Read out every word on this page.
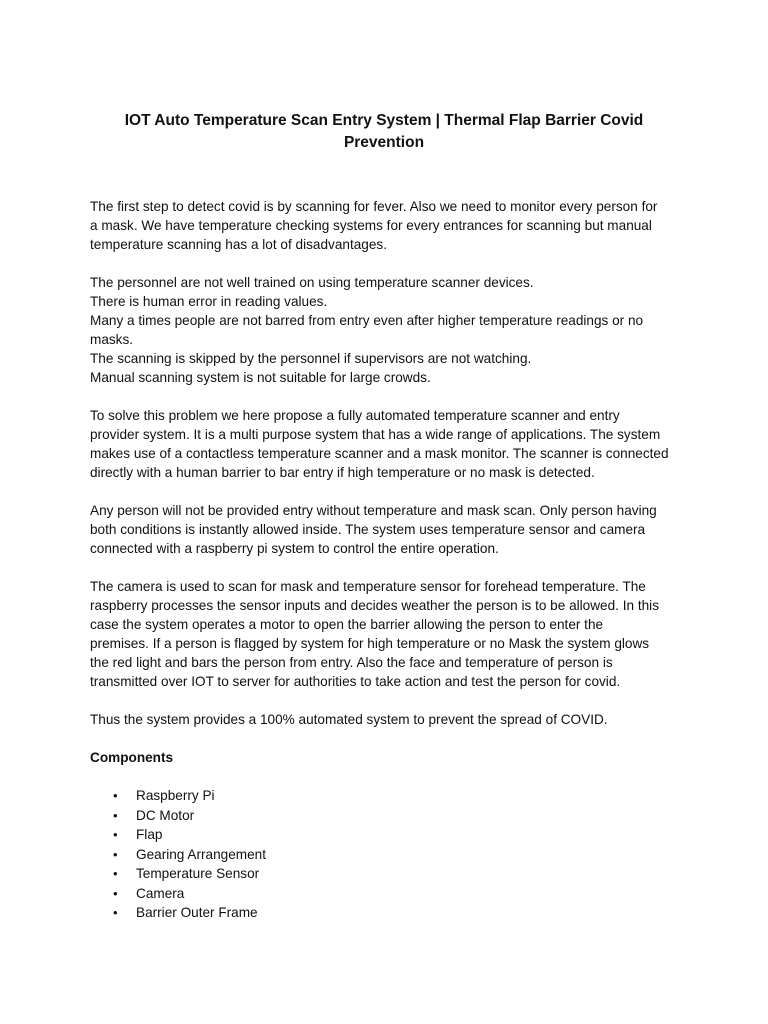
IOT Auto Temperature Scan Entry System | Thermal Flap Barrier Covid
Prevention

The first step to detect covid is by scanning for fever. Also we need to monitor every person for
a mask. We have temperature checking systems for every entrances for scanning but manual
temperature scanning has a lot of disadvantages.

The personnel are not well trained on using temperature scanner devices.
There is human error in reading values.
Many a times people are not barred from entry even after higher temperature readings or no
masks.
The scanning is skipped by the personnel if supervisors are not watching.
Manual scanning system is not suitable for large crowds.

To solve this problem we here propose a fully automated temperature scanner and entry
provider system. It is a multi purpose system that has a wide range of applications. The system
makes use of a contactless temperature scanner and a mask monitor. The scanner is connected
directly with a human barrier to bar entry if high temperature or no mask is detected.

Any person will not be provided entry without temperature and mask scan. Only person having
both conditions is instantly allowed inside. The system uses temperature sensor and camera
connected with a raspberry pi system to control the entire operation.

The camera is used to scan for mask and temperature sensor for forehead temperature. The
raspberry processes the sensor inputs and decides weather the person is to be allowed. In this
case the system operates a motor to open the barrier allowing the person to enter the
premises. If a person is flagged by system for high temperature or no Mask the system glows
the red light and bars the person from entry. Also the face and temperature of person is
transmitted over IOT to server for authorities to take action and test the person for covid.

Thus the system provides a 100% automated system to prevent the spread of COVID.

Components

• Raspberry Pi
• DC Motor
• Flap
• Gearing Arrangement
• Temperature Sensor
• Camera
• Barrier Outer Frame
